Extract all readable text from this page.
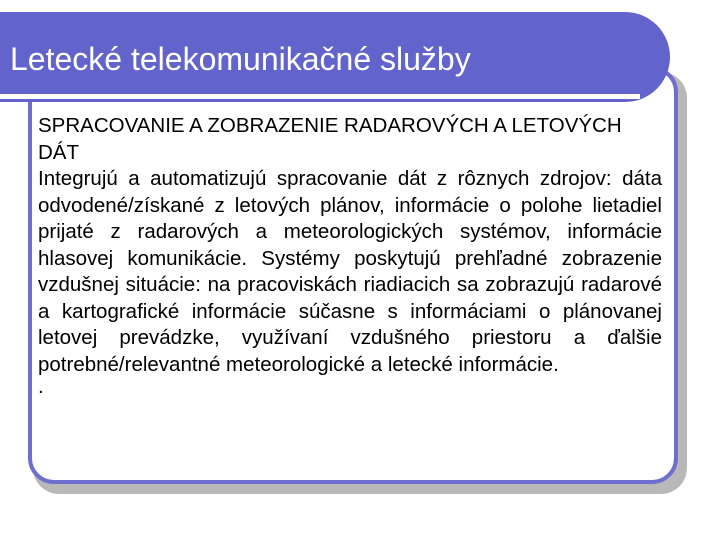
Letecké telekomunikačné služby

SPRACOVANIE A ZOBRAZENIE RADAROVÝCH A LETOVÝCH DÁT

Integrujú a automatizujú spracovanie dát z rôznych zdrojov: dáta odvodené/získané z letových plánov, informácie o polohe lietadiel prijaté z radarových a meteorologických systémov, informácie hlasovej komunikácie. Systémy poskytujú prehľadné zobrazenie vzdušnej situácie: na pracoviskách riadiacich sa zobrazujú radarové a kartografické informácie súčasne s informáciami o plánovanej letovej prevádzke, využívaní vzdušného priestoru a ďalšie potrebné/relevantné meteorologické a letecké informácie.

.
